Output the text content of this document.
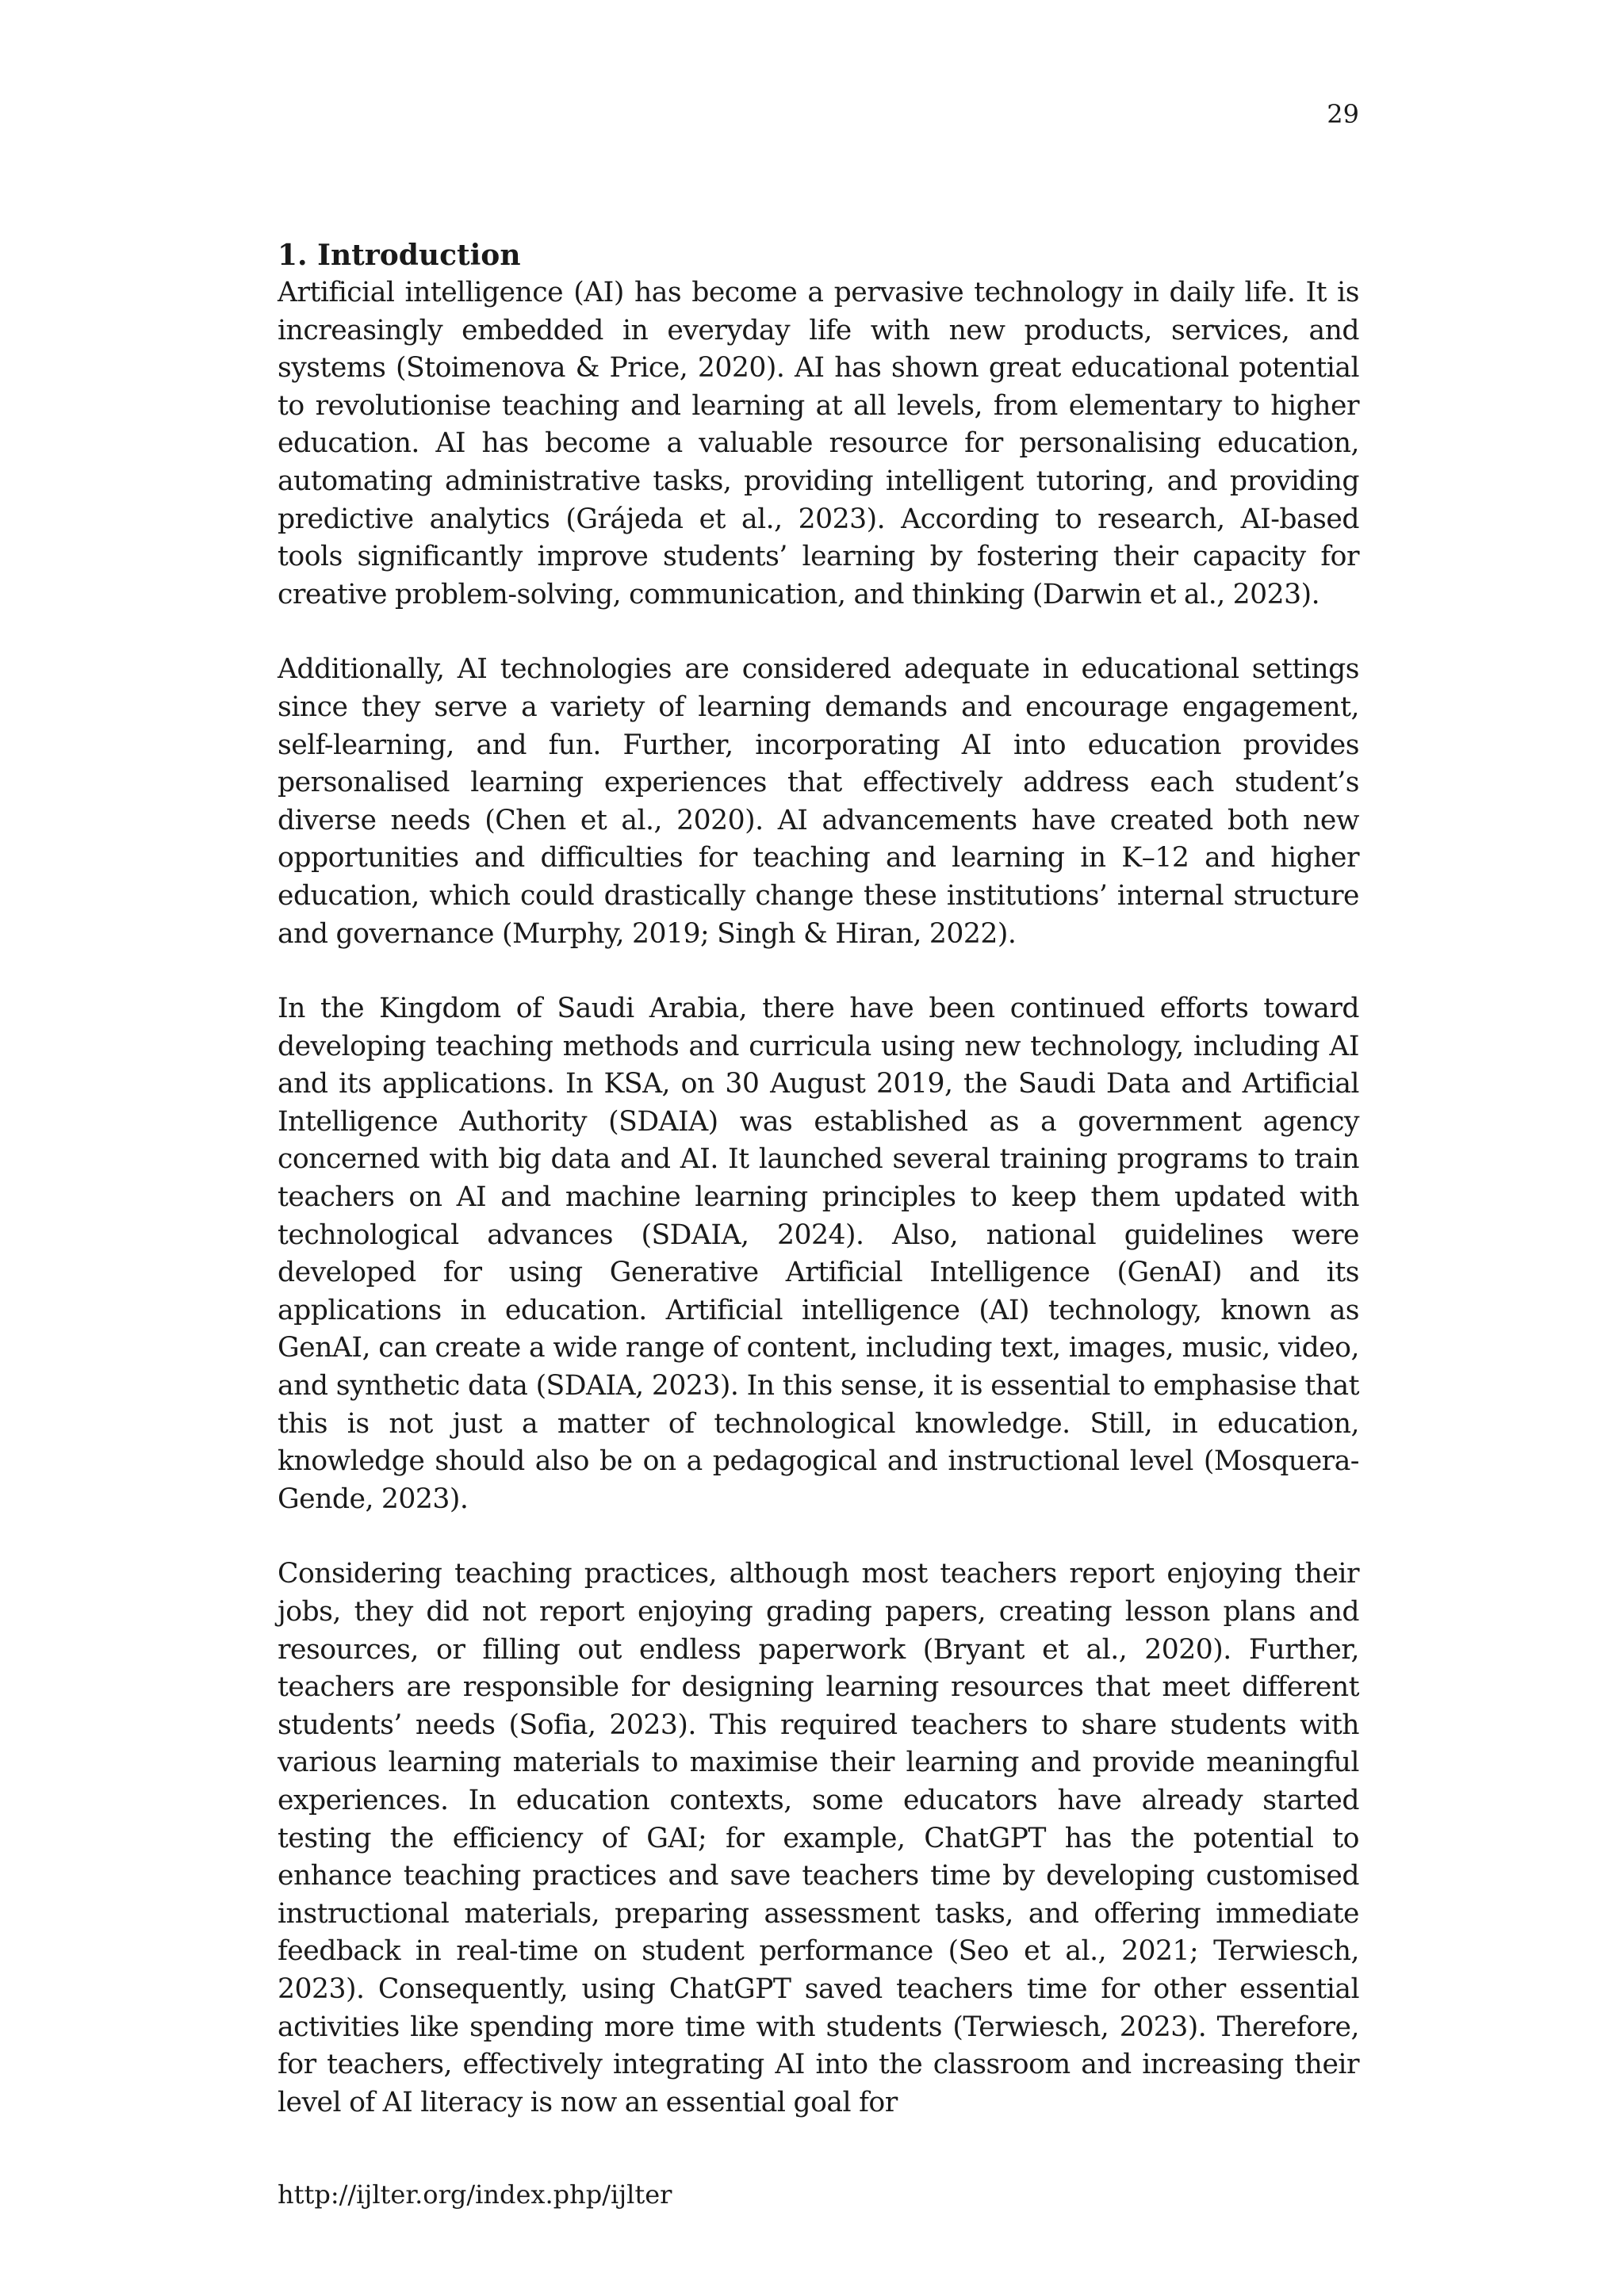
29
1. Introduction

Artificial intelligence (AI) has become a pervasive technology in daily life. It is increasingly embedded in everyday life with new products, services, and systems (Stoimenova & Price, 2020). AI has shown great educational potential to revolutionise teaching and learning at all levels, from elementary to higher education. AI has become a valuable resource for personalising education, automating administrative tasks, providing intelligent tutoring, and providing predictive analytics (Grájeda et al., 2023). According to research, AI-based tools significantly improve students’ learning by fostering their capacity for creative problem-solving, communication, and thinking (Darwin et al., 2023).

Additionally, AI technologies are considered adequate in educational settings since they serve a variety of learning demands and encourage engagement, self-learning, and fun. Further, incorporating AI into education provides personalised learning experiences that effectively address each student’s diverse needs (Chen et al., 2020). AI advancements have created both new opportunities and difficulties for teaching and learning in K–12 and higher education, which could drastically change these institutions’ internal structure and governance (Murphy, 2019; Singh & Hiran, 2022).

In the Kingdom of Saudi Arabia, there have been continued efforts toward developing teaching methods and curricula using new technology, including AI and its applications. In KSA, on 30 August 2019, the Saudi Data and Artificial Intelligence Authority (SDAIA) was established as a government agency concerned with big data and AI. It launched several training programs to train teachers on AI and machine learning principles to keep them updated with technological advances (SDAIA, 2024). Also, national guidelines were developed for using Generative Artificial Intelligence (GenAI) and its applications in education. Artificial intelligence (AI) technology, known as GenAI, can create a wide range of content, including text, images, music, video, and synthetic data (SDAIA, 2023). In this sense, it is essential to emphasise that this is not just a matter of technological knowledge. Still, in education, knowledge should also be on a pedagogical and instructional level (Mosquera-Gende, 2023).

Considering teaching practices, although most teachers report enjoying their jobs, they did not report enjoying grading papers, creating lesson plans and resources, or filling out endless paperwork (Bryant et al., 2020). Further, teachers are responsible for designing learning resources that meet different students’ needs (Sofia, 2023). This required teachers to share students with various learning materials to maximise their learning and provide meaningful experiences. In education contexts, some educators have already started testing the efficiency of GAI; for example, ChatGPT has the potential to enhance teaching practices and save teachers time by developing customised instructional materials, preparing assessment tasks, and offering immediate feedback in real-time on student performance (Seo et al., 2021; Terwiesch, 2023). Consequently, using ChatGPT saved teachers time for other essential activities like spending more time with students (Terwiesch, 2023). Therefore, for teachers, effectively integrating AI into the classroom and increasing their level of AI literacy is now an essential goal for

http://ijlter.org/index.php/ijlter
